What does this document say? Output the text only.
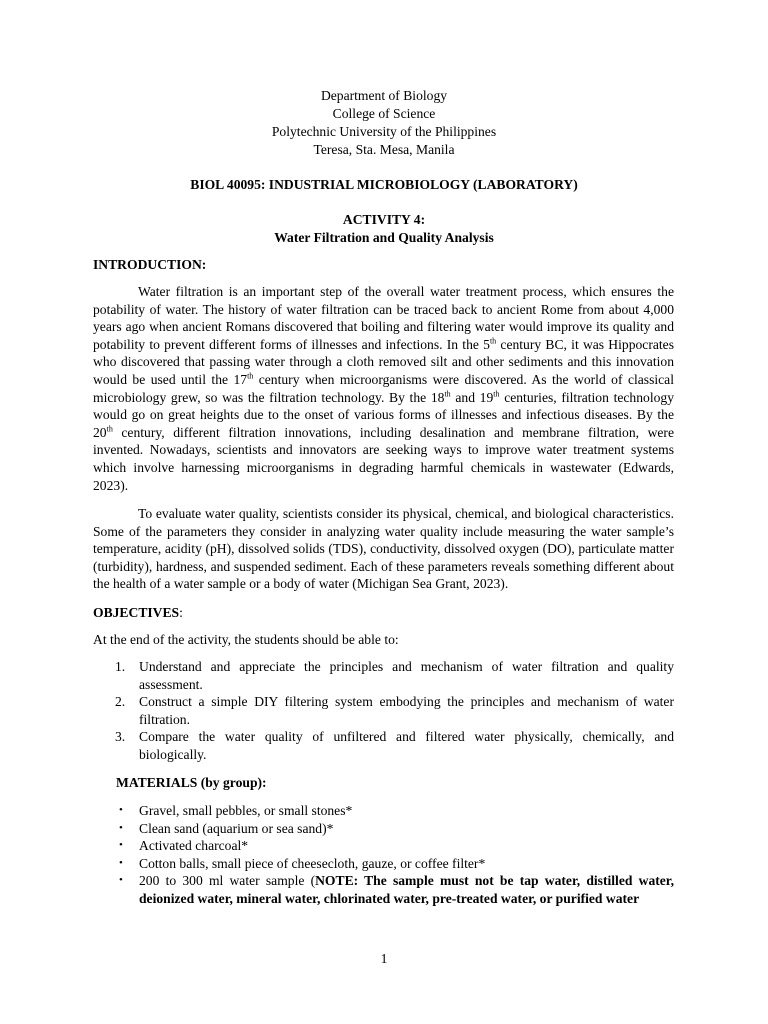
Department of Biology
College of Science
Polytechnic University of the Philippines
Teresa, Sta. Mesa, Manila
BIOL 40095: INDUSTRIAL MICROBIOLOGY (LABORATORY)
ACTIVITY 4:
Water Filtration and Quality Analysis
INTRODUCTION:
Water filtration is an important step of the overall water treatment process, which ensures the potability of water. The history of water filtration can be traced back to ancient Rome from about 4,000 years ago when ancient Romans discovered that boiling and filtering water would improve its quality and potability to prevent different forms of illnesses and infections. In the 5th century BC, it was Hippocrates who discovered that passing water through a cloth removed silt and other sediments and this innovation would be used until the 17th century when microorganisms were discovered. As the world of classical microbiology grew, so was the filtration technology. By the 18th and 19th centuries, filtration technology would go on great heights due to the onset of various forms of illnesses and infectious diseases. By the 20th century, different filtration innovations, including desalination and membrane filtration, were invented. Nowadays, scientists and innovators are seeking ways to improve water treatment systems which involve harnessing microorganisms in degrading harmful chemicals in wastewater (Edwards, 2023).
To evaluate water quality, scientists consider its physical, chemical, and biological characteristics. Some of the parameters they consider in analyzing water quality include measuring the water sample’s temperature, acidity (pH), dissolved solids (TDS), conductivity, dissolved oxygen (DO), particulate matter (turbidity), hardness, and suspended sediment. Each of these parameters reveals something different about the health of a water sample or a body of water (Michigan Sea Grant, 2023).
OBJECTIVES:
At the end of the activity, the students should be able to:
1. Understand and appreciate the principles and mechanism of water filtration and quality assessment.
2. Construct a simple DIY filtering system embodying the principles and mechanism of water filtration.
3. Compare the water quality of unfiltered and filtered water physically, chemically, and biologically.
MATERIALS (by group):
• Gravel, small pebbles, or small stones*
• Clean sand (aquarium or sea sand)*
• Activated charcoal*
• Cotton balls, small piece of cheesecloth, gauze, or coffee filter*
• 200 to 300 ml water sample (NOTE: The sample must not be tap water, distilled water, deionized water, mineral water, chlorinated water, pre-treated water, or purified water
1
